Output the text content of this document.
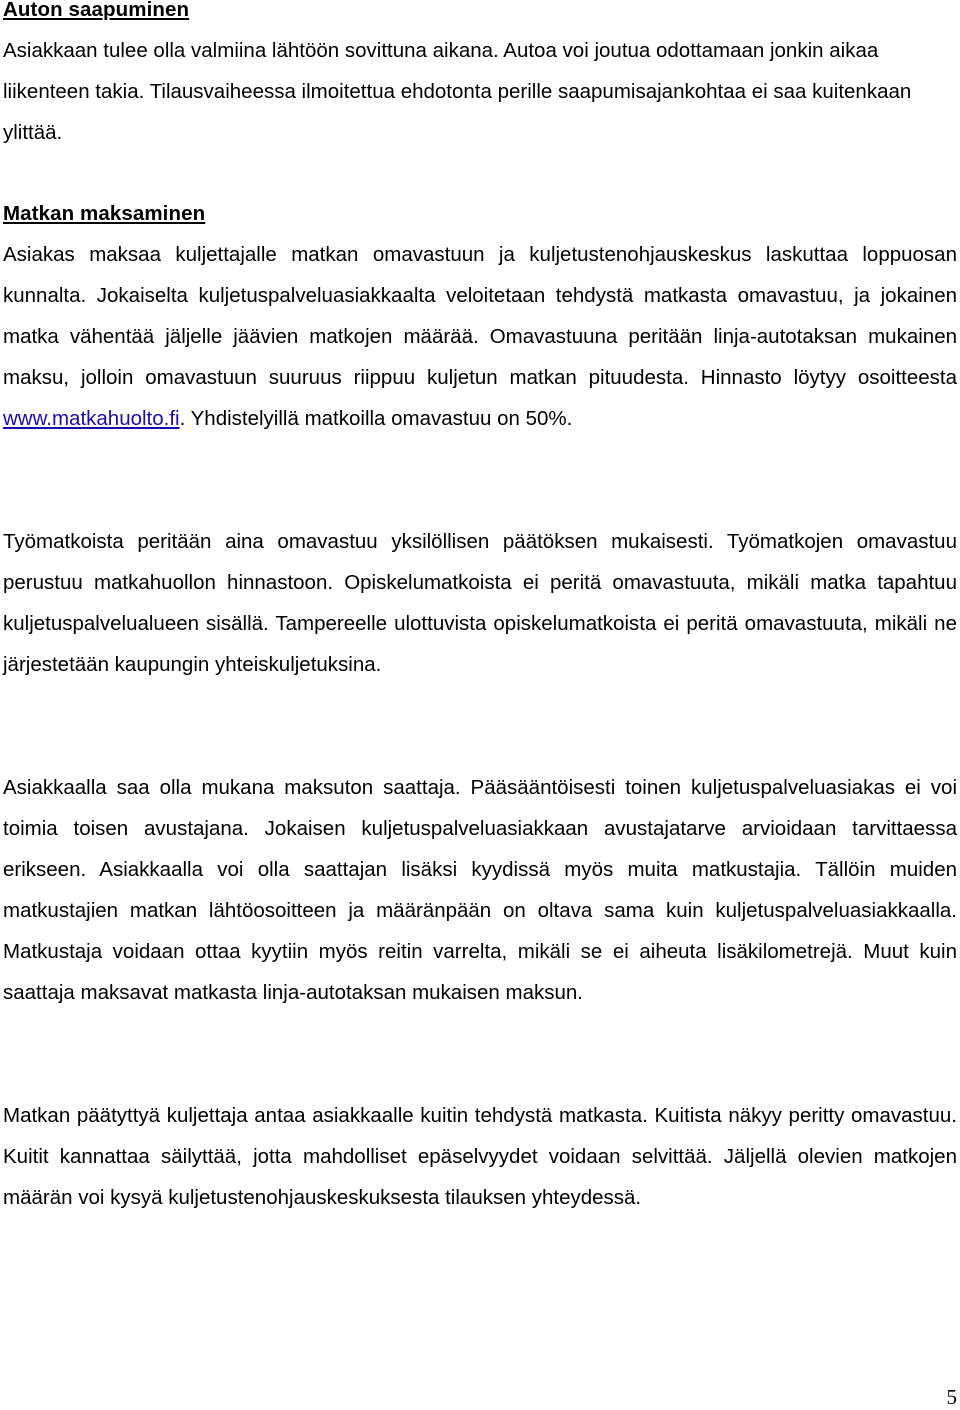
Auton saapuminen

Asiakkaan tulee olla valmiina lähtöön sovittuna aikana. Autoa voi joutua odottamaan jonkin aikaa liikenteen takia. Tilausvaiheessa ilmoitettua ehdotonta perille saapumisajankohtaa ei saa kuitenkaan ylittää.

Matkan maksaminen

Asiakas maksaa kuljettajalle matkan omavastuun ja kuljetustenohjauskeskus laskuttaa loppuosan kunnalta. Jokaiselta kuljetuspalveluasiakkaalta veloitetaan tehdystä matkasta omavastuu, ja jokainen matka vähentää jäljelle jäävien matkojen määrää. Omavastuuna peritään linja-autotaksan mukainen maksu, jolloin omavastuun suuruus riippuu kuljetun matkan pituudesta. Hinnasto löytyy osoitteesta www.matkahuolto.fi. Yhdistelyillä matkoilla omavastuu on 50%.

Työmatkoista peritään aina omavastuu yksilöllisen päätöksen mukaisesti. Työmatkojen omavastuu perustuu matkahuollon hinnastoon. Opiskelumatkoista ei peritä omavastuuta, mikäli matka tapahtuu kuljetuspalvelualueen sisällä. Tampereelle ulottuvista opiskelumatkoista ei peritä omavastuuta, mikäli ne järjestetään kaupungin yhteiskuljetuksina.

Asiakkaalla saa olla mukana maksuton saattaja. Pääsääntöisesti toinen kuljetuspalveluasiakas ei voi toimia toisen avustajana. Jokaisen kuljetuspalveluasiakkaan avustajatarve arvioidaan tarvittaessa erikseen. Asiakkaalla voi olla saattajan lisäksi kyydissä myös muita matkustajia. Tällöin muiden matkustajien matkan lähtöosoitteen ja määränpään on oltava sama kuin kuljetuspalveluasiakkaalla. Matkustaja voidaan ottaa kyytiin myös reitin varrelta, mikäli se ei aiheuta lisäkilometrejä. Muut kuin saattaja maksavat matkasta linja-autotaksan mukaisen maksun.

Matkan päätyttyä kuljettaja antaa asiakkaalle kuitin tehdystä matkasta. Kuitista näkyy peritty omavastuu. Kuitit kannattaa säilyttää, jotta mahdolliset epäselvyydet voidaan selvittää. Jäljellä olevien matkojen määrän voi kysyä kuljetustenohjauskeskuksesta tilauksen yhteydessä.

5
